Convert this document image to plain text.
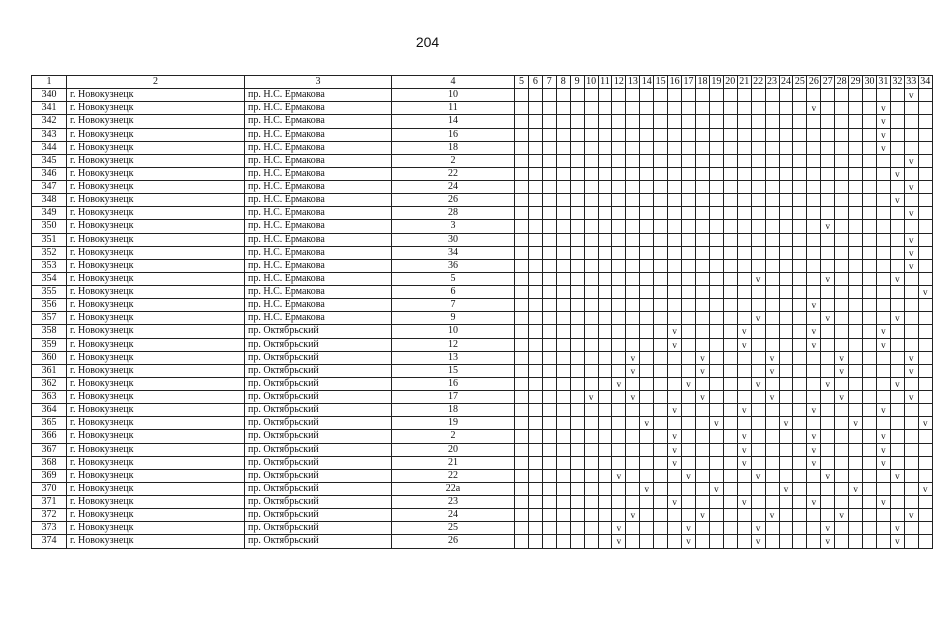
204
1	2	3	4	5	6	7	8	9	10	11	12	13	14	15	16	17	18	19	20	21	22	23	24	25	26	27	28	29	30	31	32	33	34
340	г. Новокузнецк	пр. Н.С. Ермакова	10																													v	
341	г. Новокузнецк	пр. Н.С. Ермакова	11																						v					v			
342	г. Новокузнецк	пр. Н.С. Ермакова	14																											v			
343	г. Новокузнецк	пр. Н.С. Ермакова	16																											v			
344	г. Новокузнецк	пр. Н.С. Ермакова	18																											v			
345	г. Новокузнецк	пр. Н.С. Ермакова	2																													v	
346	г. Новокузнецк	пр. Н.С. Ермакова	22																												v		
347	г. Новокузнецк	пр. Н.С. Ермакова	24																													v	
348	г. Новокузнецк	пр. Н.С. Ермакова	26																												v		
349	г. Новокузнецк	пр. Н.С. Ермакова	28																													v	
350	г. Новокузнецк	пр. Н.С. Ермакова	3																							v							
351	г. Новокузнецк	пр. Н.С. Ермакова	30																													v	
352	г. Новокузнецк	пр. Н.С. Ермакова	34																													v	
353	г. Новокузнецк	пр. Н.С. Ермакова	36																													v	
354	г. Новокузнецк	пр. Н.С. Ермакова	5																		v					v					v		
355	г. Новокузнецк	пр. Н.С. Ермакова	6																														v
356	г. Новокузнецк	пр. Н.С. Ермакова	7																						v								
357	г. Новокузнецк	пр. Н.С. Ермакова	9																		v					v					v		
358	г. Новокузнецк	пр. Октябрьский	10												v					v					v					v			
359	г. Новокузнецк	пр. Октябрьский	12												v					v					v					v			
360	г. Новокузнецк	пр. Октябрьский	13									v					v					v					v					v	
361	г. Новокузнецк	пр. Октябрьский	15									v					v					v					v					v	
362	г. Новокузнецк	пр. Октябрьский	16								v					v					v					v					v		
363	г. Новокузнецк	пр. Октябрьский	17						v			v					v					v					v					v	
364	г. Новокузнецк	пр. Октябрьский	18												v					v					v					v			
365	г. Новокузнецк	пр. Октябрьский	19										v					v					v					v					v
366	г. Новокузнецк	пр. Октябрьский	2												v					v					v					v			
367	г. Новокузнецк	пр. Октябрьский	20												v					v					v					v			
368	г. Новокузнецк	пр. Октябрьский	21												v					v					v					v			
369	г. Новокузнецк	пр. Октябрьский	22								v					v					v					v					v		
370	г. Новокузнецк	пр. Октябрьский	22а										v					v					v					v					v
371	г. Новокузнецк	пр. Октябрьский	23												v					v					v					v			
372	г. Новокузнецк	пр. Октябрьский	24									v					v					v					v					v	
373	г. Новокузнецк	пр. Октябрьский	25								v					v					v					v					v		
374	г. Новокузнецк	пр. Октябрьский	26								v					v					v					v					v		
